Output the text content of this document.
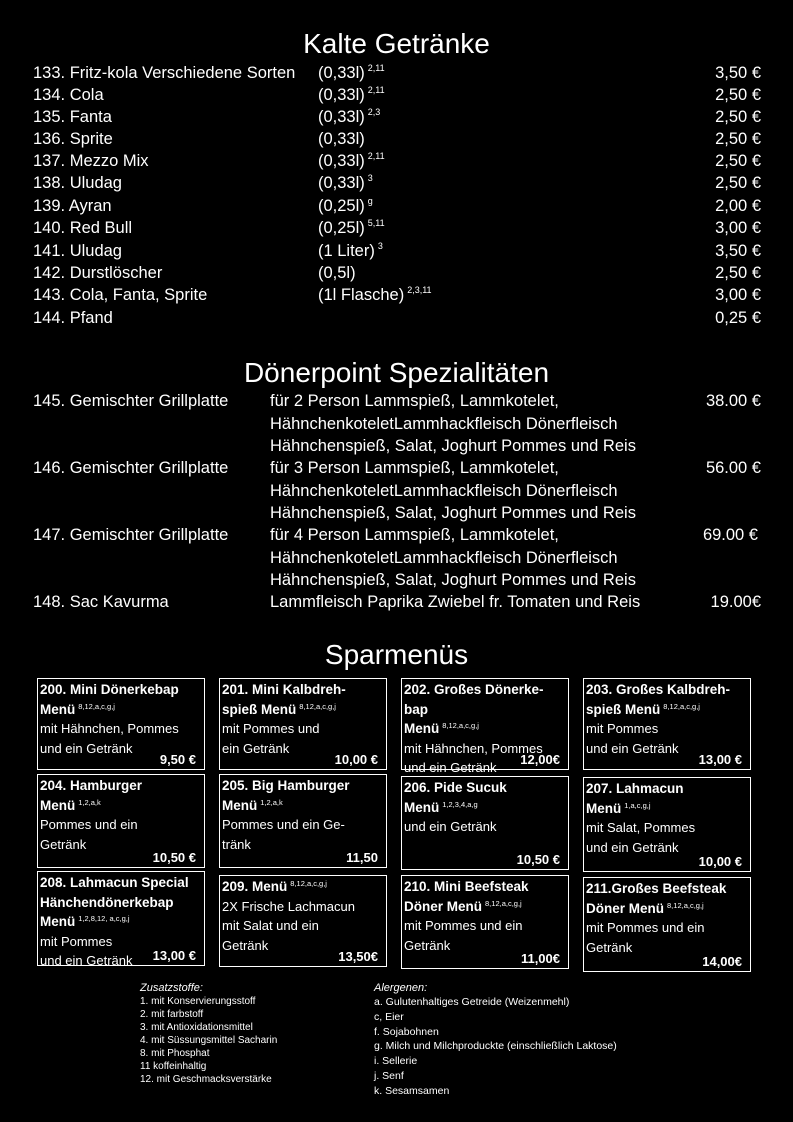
Kalte Getränke
133. Fritz-kola Verschiedene Sorten (0,33l) $^{2,11}$	3,50 €
134. Cola	(0,33l) $^{2,11}$	2,50 €
135. Fanta	(0,33l) $^{2,3}$	2,50 €
136. Sprite	(0,33l)	2,50 €
137. Mezzo Mix	(0,33l) $^{2,11}$	2,50 €
138. Uludag	(0,33l) $^3$	2,50 €
139. Ayran	(0,25l) $^g$	2,00 €
140. Red Bull	(0,25l) $^{5,11}$	3,00 €
141. Uludag	(1 Liter) $^3$	3,50 €
142. Durstlöscher	(0,5l)	2,50 €
143. Cola, Fanta, Sprite	(1l Flasche) $^{2,3,11}$	3,00 €
144. Pfand	0,25 €
Dönerpoint Spezialitäten
145. Gemischter Grillplatte	für 2 Person Lammspieß, Lammkotelet,
HähnchenkoteletLammhackfleisch Dönerfleisch
Hähnchenspieß, Salat, Joghurt Pommes und Reis
38.00 €
146. Gemischter Grillplatte	für 3 Person Lammspieß, Lammkotelet,
HähnchenkoteletLammhackfleisch Dönerfleisch
Hähnchenspieß, Salat, Joghurt Pommes und Reis
56.00 €
147. Gemischter Grillplatte	für 4 Person Lammspieß, Lammkotelet,
HähnchenkoteletLammhackfleisch Dönerfleisch
Hähnchenspieß, Salat, Joghurt Pommes und Reis
69.00 €
148. Sac Kavurma	Lammfleisch Paprika Zwiebel fr. Tomaten und Reis	19.00€
Sparmenüs
200. Mini Dönerkebap
Menü $^{8,12,a,c,g,j}$
mit Hähnchen, Pommes
und ein Getränk
9,50 €
201. Mini Kalbdreh-
spieß Menü $^{8,12,a,c,g,j}$
mit Pommes und
ein Getränk
10,00 €
202. Großes Dönerke-
bap
Menü $^{8,12,a,c,g,j}$
mit Hähnchen, Pommes
und ein Getränk
12,00€
203. Großes Kalbdreh-
spieß Menü $^{8,12,a,c,g,j}$
mit Pommes
und ein Getränk
13,00 €
204. Hamburger
Menü $^{1,2,a,k}$
Pommes und ein
Getränk
10,50 €
205. Big Hamburger
Menü $^{1,2,a,k}$
Pommes und ein Ge-
tränk
11,50
206. Pide Sucuk
Menü $^{1,2,3,4,a,g}$
und ein Getränk
10,50 €
207. Lahmacun
Menü $^{1,a,c,g,j}$
mit Salat, Pommes
und ein Getränk
10,00 €
208. Lahmacun Special
Hänchendönerkebap
Menü $^{1,2,8,12, a,c,g,j}$
mit Pommes
und ein Getränk	13,00 €
209. Menü $^{8,12,a,c,g,j}$
2X Frische Lachmacun
mit Salat und ein
Getränk
13,50€
210. Mini Beefsteak
Döner Menü $^{8,12,a,c,g,j}$
mit Pommes und ein
Getränk
11,00€
211.Großes Beefsteak
Döner Menü $^{8,12,a,c,g,j}$
mit Pommes und ein
Getränk
14,00€
Zusatzstoffe:
1. mit Konservierungsstoff
2. mit farbstoff
3. mit Antioxidationsmittel
4. mit Süssungsmittel Sacharin
8. mit Phosphat
11 koffeinhaltig
12. mit Geschmacksverstärke
Alergenen:
a. Gulutenhaltiges Getreide (Weizenmehl)
c, Eier
f. Sojabohnen
g. Milch und Milchproduckte (einschließlich Laktose)
i. Sellerie
j. Senf
k. Sesamsamen
